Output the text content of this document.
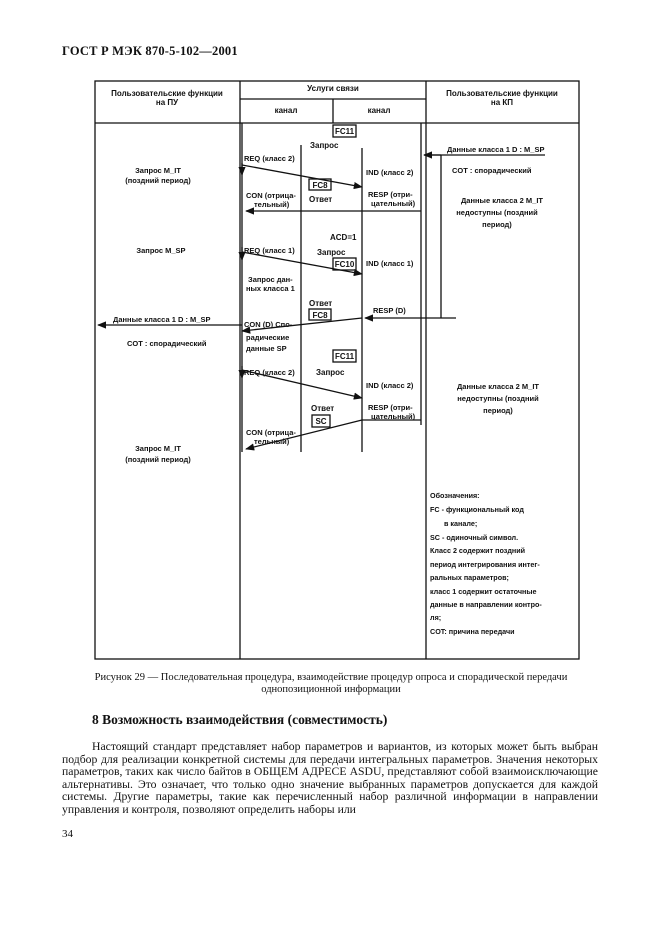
ГОСТ Р МЭК 870-5-102—2001
Пользовательские функции
на ПУ
Услуги связи
канал	канал
Пользовательские функции
на КП
FC11
FC8
FC10
FC8
FC11
SC
Запрос	Данные класса 1 D : M_SP
COT : спорадический
Запрос M_IT
(поздний период)
REQ (класс 2)
IND (класс 2)
CON (отрица-
тельный)
Ответ
RESP (отри-
цательный)	Данные класса 2 M_IT
недоступны (поздний
период)
ACD=1
Запрос
Запрос M_SP	REQ (класс 1)
IND (класс 1)
Запрос дан-
ных класса 1
Ответ
RESP (D)
Данные класса 1 D : M_SP
COT : спорадический
CON (D) Спо-
радические
данные SP
REQ (класс 2)	Запрос
IND (класс 2)	Данные класса 2 M_IT
недоступны (поздний
период)
Ответ	RESP (отри-
цательный)
CON (отрица-
тельный)
Запрос M_IT
(поздний период)
Обозначения:
FC - функциональный код
в канале;
SC - одиночный символ.
Класс 2 содержит поздний
период интегрирования интег-
ральных параметров;
класс 1 содержит остаточные
данные в направлении контро-
ля;
COT: причина передачи
Рисунок 29 — Последовательная процедура, взаимодействие процедур опроса и спорадической передачи однопозиционной информации
8 Возможность взаимодействия (совместимость)

Настоящий стандарт представляет набор параметров и вариантов, из которых может быть выбран подбор для реализации конкретной системы для передачи интегральных параметров. Значения некоторых параметров, таких как число байтов в ОБЩЕМ АДРЕСЕ ASDU, представляют собой взаимоисключающие альтернативы. Это означает, что только одно значение выбранных параметров допускается для каждой системы. Другие параметры, такие как перечисленный набор различной информации в направлении управления и контроля, позволяют определить наборы или

34
